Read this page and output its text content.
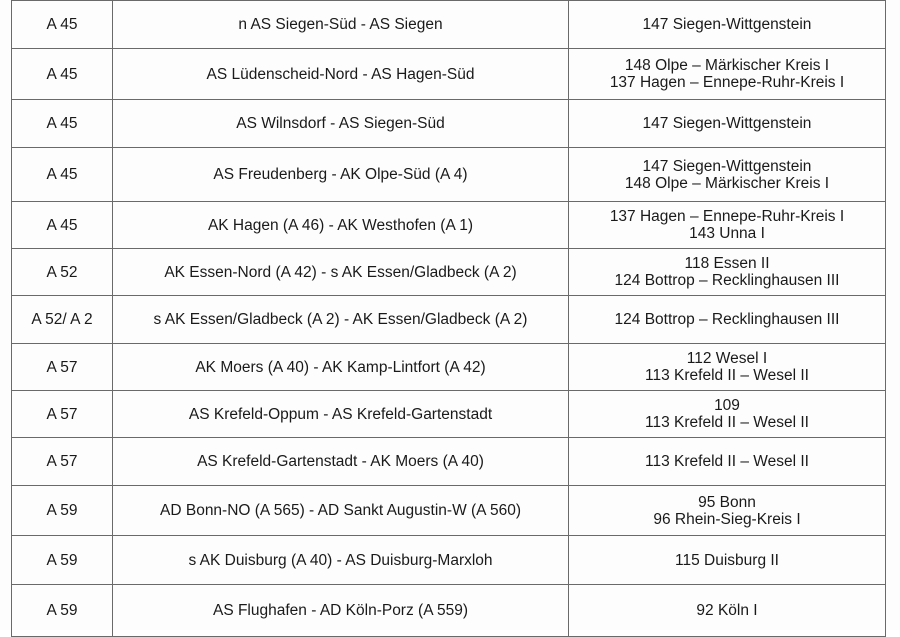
A 45	n AS Siegen-Süd - AS Siegen	147 Siegen-Wittgenstein

A 45	AS Lüdenscheid-Nord - AS Hagen-Süd	148 Olpe – Märkischer Kreis I
137 Hagen – Ennepe-Ruhr-Kreis I

A 45	AS Wilnsdorf - AS Siegen-Süd	147 Siegen-Wittgenstein

A 45	AS Freudenberg - AK Olpe-Süd (A 4)	147 Siegen-Wittgenstein
148 Olpe – Märkischer Kreis I

A 45	AK Hagen (A 46) - AK Westhofen (A 1)	137 Hagen – Ennepe-Ruhr-Kreis I
143 Unna I

A 52	AK Essen-Nord (A 42) - s AK Essen/Gladbeck (A 2)	118 Essen II
124 Bottrop – Recklinghausen III

A 52/ A 2	s AK Essen/Gladbeck (A 2) - AK Essen/Gladbeck (A 2)	124 Bottrop – Recklinghausen III

A 57	AK Moers (A 40) - AK Kamp-Lintfort (A 42)	112 Wesel I
113 Krefeld II – Wesel II

A 57	AS Krefeld-Oppum - AS Krefeld-Gartenstadt	109
113 Krefeld II – Wesel II

A 57	AS Krefeld-Gartenstadt - AK Moers (A 40)	113 Krefeld II – Wesel II

A 59	AD Bonn-NO (A 565) - AD Sankt Augustin-W (A 560)	95 Bonn
96 Rhein-Sieg-Kreis I

A 59	s AK Duisburg (A 40) - AS Duisburg-Marxloh	115 Duisburg II

A 59	AS Flughafen - AD Köln-Porz (A 559)	92 Köln I
